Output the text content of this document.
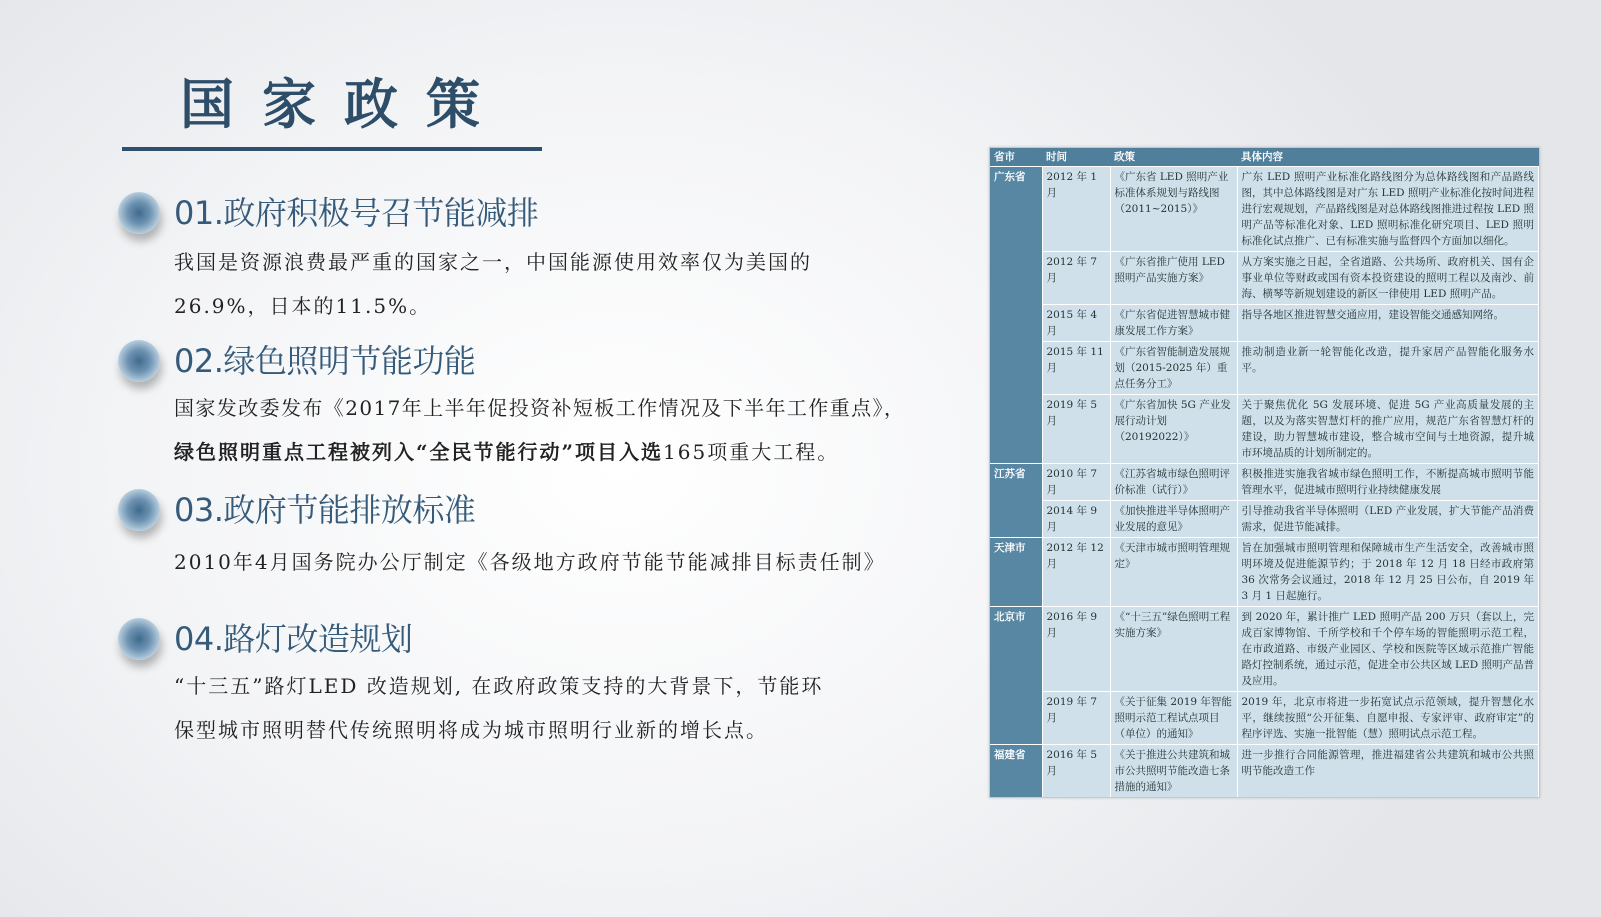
国家政策
01.政府积极号召节能减排

我国是资源浪费最严重的国家之一，中国能源使用效率仅为美国的

26.9%，日本的11.5%。

02.绿色照明节能功能

国家发改委发布《2017年上半年促投资补短板工作情况及下半年工作重点》，

绿色照明重点工程被列入“全民节能行动”项目入选165项重大工程。

03.政府节能排放标准

2010年4月国务院办公厅制定《各级地方政府节能节能减排目标责任制》

04.路灯改造规划

“十三五”路灯LED 改造规划, 在政府政策支持的大背景下，节能环

保型城市照明替代传统照明将成为城市照明行业新的增长点。

省市	时间	政策	具体内容
广东省	2012 年 1 月	《广东省 LED 照明产业标准体系规划与路线图（2011~2015）》	广东 LED 照明产业标准化路线图分为总体路线图和产品路线图，其中总体路线图是对广东 LED 照明产业标准化按时间进程进行宏观规划，产品路线图是对总体路线图推进过程按 LED 照明产品等标准化对象、LED 照明标准化研究项目、LED 照明标准化试点推广、已有标准实施与监督四个方面加以细化。
	2012 年 7 月	《广东省推广使用 LED 照明产品实施方案》	从方案实施之日起，全省道路、公共场所、政府机关、国有企事业单位等财政或国有资本投资建设的照明工程以及南沙、前海、横琴等新规划建设的新区一律使用 LED 照明产品。
	2015 年 4 月	《广东省促进智慧城市健康发展工作方案》	指导各地区推进智慧交通应用，建设智能交通感知网络。
	2015 年 11 月	《广东省智能制造发展规划（2015-2025 年）重点任务分工》	推动制造业新一轮智能化改造，提升家居产品智能化服务水平。
	2019 年 5 月	《广东省加快 5G 产业发展行动计划（20192022）》	关于聚焦优化 5G 发展环境、促进 5G 产业高质量发展的主题，以及为落实智慧灯杆的推广应用，规范广东省智慧灯杆的建设，助力智慧城市建设，整合城市空间与土地资源，提升城市环境品质的计划所制定的。
江苏省	2010 年 7 月	《江苏省城市绿色照明评价标准（试行）》	积极推进实施我省城市绿色照明工作，不断提高城市照明节能管理水平，促进城市照明行业持续健康发展
	2014 年 9 月	《加快推进半导体照明产业发展的意见》	引导推动我省半导体照明（LED 产业发展，扩大节能产品消费需求，促进节能减排。
天津市	2012 年 12 月	《天津市城市照明管理规定》	旨在加强城市照明管理和保障城市生产生活安全，改善城市照明环境及促进能源节约；于 2018 年 12 月 18 日经市政府第 36 次常务会议通过，2018 年 12 月 25 日公布，自 2019 年 3 月 1 日起施行。
北京市	2016 年 9 月	《“十三五”绿色照明工程实施方案》	到 2020 年，累计推广 LED 照明产品 200 万只（套以上，完成百家博物馆、千所学校和千个停车场的智能照明示范工程，在市政道路、市级产业园区、学校和医院等区域示范推广智能路灯控制系统，通过示范，促进全市公共区域 LED 照明产品普及应用。
	2019 年 7 月	《关于征集 2019 年智能照明示范工程试点项目（单位）的通知》	2019 年，北京市将进一步拓宽试点示范领域，提升智慧化水平，继续按照“公开征集、自愿申报、专家评审、政府审定”的程序评选、实施一批智能（慧）照明试点示范工程。
福建省	2016 年 5 月	《关于推进公共建筑和城市公共照明节能改造七条措施的通知》	进一步推行合同能源管理，推进福建省公共建筑和城市公共照明节能改造工作
